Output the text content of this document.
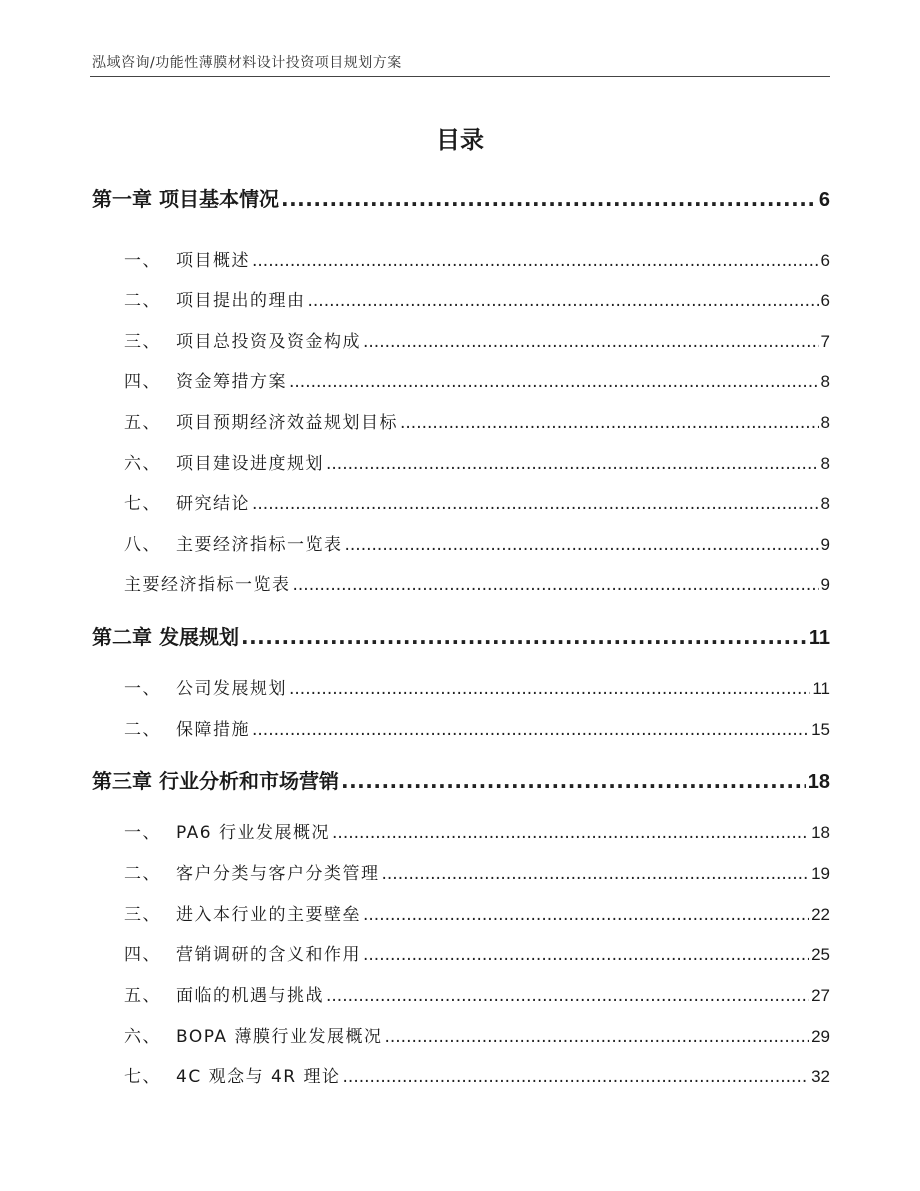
泓域咨询/功能性薄膜材料设计投资项目规划方案
目录
第一章 项目基本情况 .....	6
一、 项目概述 .....	6
二、 项目提出的理由 .....	6
三、 项目总投资及资金构成 .....	7
四、 资金筹措方案 .....	8
五、 项目预期经济效益规划目标 .....	8
六、 项目建设进度规划 .....	8
七、 研究结论 .....	8
八、 主要经济指标一览表 .....	9
主要经济指标一览表 .....	9
第二章 发展规划 .....	11
一、 公司发展规划 .....	11
二、 保障措施 .....	15
第三章 行业分析和市场营销 .....	18
一、 PA6 行业发展概况 .....	18
二、 客户分类与客户分类管理 .....	19
三、 进入本行业的主要壁垒 .....	22
四、 营销调研的含义和作用 .....	25
五、 面临的机遇与挑战 .....	27
六、 BOPA 薄膜行业发展概况 .....	29
七、 4C 观念与 4R 理论 .....	32
